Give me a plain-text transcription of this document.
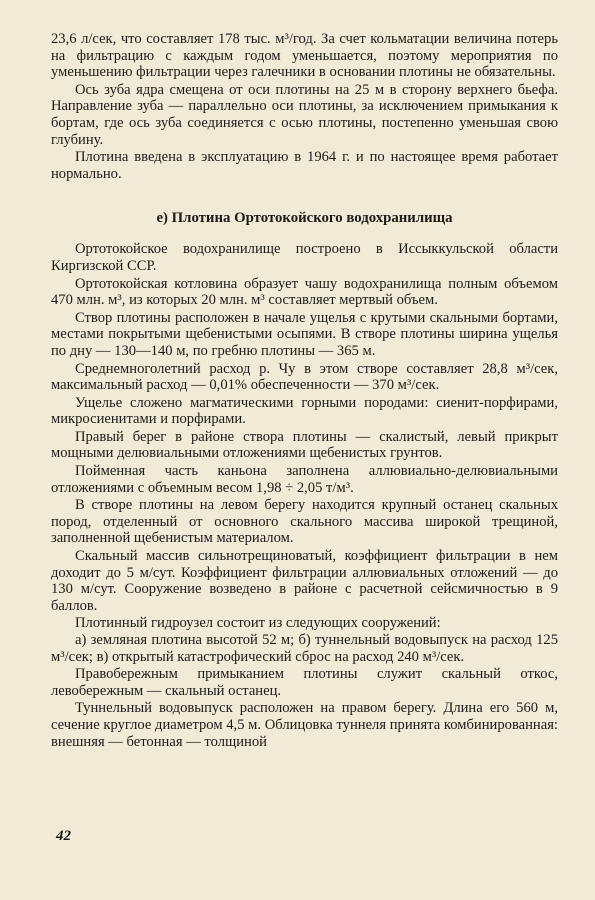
23,6 л/сек, что составляет 178 тыс. м³/год. За счет кольматации величина потерь на фильтрацию с каждым годом уменьшается, поэтому мероприятия по уменьшению фильтрации через галечники в основании плотины не обязательны.

Ось зуба ядра смещена от оси плотины на 25 м в сторону верхнего бьефа. Направление зуба — параллельно оси плотины, за исключением примыкания к бортам, где ось зуба соединяется с осью плотины, постепенно уменьшая свою глубину.

Плотина введена в эксплуатацию в 1964 г. и по настоящее время работает нормально.

е) Плотина Ортотокойского водохранилища

Ортотокойское водохранилище построено в Иссыккульской области Киргизской ССР.

Ортотокойская котловина образует чашу водохранилища полным объемом 470 млн. м³, из которых 20 млн. м³ составляет мертвый объем.

Створ плотины расположен в начале ущелья с крутыми скальными бортами, местами покрытыми щебенистыми осыпями. В створе плотины ширина ущелья по дну — 130—140 м, по гребню плотины — 365 м.

Среднемноголетний расход р. Чу в этом створе составляет 28,8 м³/сек, максимальный расход — 0,01% обеспеченности — 370 м³/сек.

Ущелье сложено магматическими горными породами: сиенит-порфирами, микросиенитами и порфирами.

Правый берег в районе створа плотины — скалистый, левый прикрыт мощными делювиальными отложениями щебенистых грунтов.

Пойменная часть каньона заполнена аллювиально-делювиальными отложениями с объемным весом 1,98 ÷ 2,05 т/м³.

В створе плотины на левом берегу находится крупный останец скальных пород, отделенный от основного скального массива широкой трещиной, заполненной щебенистым материалом.

Скальный массив сильнотрещиноватый, коэффициент фильтрации в нем доходит до 5 м/сут. Коэффициент фильтрации аллювиальных отложений — до 130 м/сут. Сооружение возведено в районе с расчетной сейсмичностью в 9 баллов.

Плотинный гидроузел состоит из следующих сооружений:

а) земляная плотина высотой 52 м; б) туннельный водовыпуск на расход 125 м³/сек; в) открытый катастрофический сброс на расход 240 м³/сек.

Правобережным примыканием плотины служит скальный откос, левобережным — скальный останец.

Туннельный водовыпуск расположен на правом берегу. Длина его 560 м, сечение круглое диаметром 4,5 м. Облицовка туннеля принята комбинированная: внешняя — бетонная — толщиной

42
